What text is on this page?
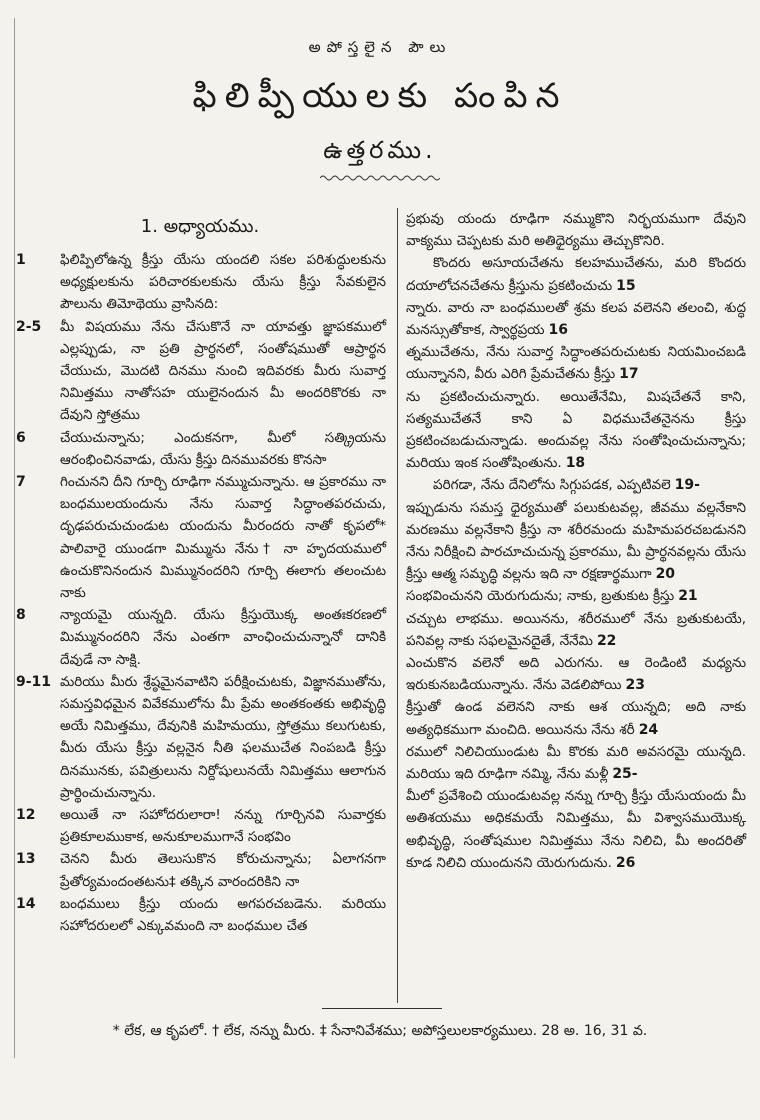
అపోస్తలైన పౌలు
ఫిలిప్పీయులకు పంపిన
ఉత్తరము.
1. అధ్యాయము.
1	ఫిలిప్పిలోఉన్న క్రీస్తు యేసు యందలి సకల పరిశుద్ధులకును అధ్యక్షులకును పరిచారకులకును యేసు క్రీస్తు సేవకులైన పౌలును తిమోథెయు వ్రాసినది:
2-5	మీ విషయము నేను చేసుకొనే నా యావత్తు జ్ఞాపకములో ఎల్లప్పుడు, నా ప్రతి ప్రార్థనలో, సంతోషముతో ఆప్రార్థన చేయుచు, మొదటి దినము నుంచి ఇదివరకు మీరు సువార్త నిమిత్తము నాతోసహ యులైనందున మీ అందరికొరకు నా దేవుని స్తోత్రము
6	చేయుచున్నాను; ఎందుకనగా, మీలో సత్క్రియను ఆరంభించినవాడు, యేసు క్రీస్తు దినమువరకు కొనసా
7	గించునని దీని గూర్చి రూఢిగా నమ్ముచున్నాను. ఆ ప్రకారము నా బంధములయందును నేను సువార్త సిద్ధాంతపరచుచు, దృఢపరుచుచుండుట యందును మీరందరు నాతో కృపలో* పాలివారై యుండగా మిమ్మును నేను† నా హృదయములో ఉంచుకొనినందున మిమ్మునందరిని గూర్చి ఈలాగు తలంచుట నాకు
8	న్యాయమై యున్నది. యేసు క్రీస్తుయొక్క అంతఃకరణలో మిమ్మునందరిని నేను ఎంతగా వాంఛించుచున్నానో దానికి దేవుడే నా సాక్షి.
9-11 మరియు మీరు శ్రేష్ఠమైనవాటిని పరీక్షించుటకు, విజ్ఞానముతోను, సమస్తవిధమైన వివేకములోను మీ ప్రేమ అంతకంతకు అభివృద్ధి అయే నిమిత్తము, దేవునికి మహిమయు, స్తోత్రము కలుగుటకు, మీరు యేసు క్రీస్తు వల్లనైన నీతి ఫలముచేత నింపబడి క్రీస్తు దినమునకు, పవిత్రులును నిర్దోషులునయే నిమిత్తము ఆలాగున ప్రార్థించుచున్నాను.
12	అయితే నా సహోదరులారా! నన్ను గూర్చినవి సువార్తకు ప్రతికూలముకాక, అనుకూలముగానే సంభవిం
13	చెనని మీరు తెలుసుకొన కోరుచున్నాను; ఏలాగనగా ప్రేతోర్యమందంతటను‡ తక్కిన వారందరికిని నా
14	బంధములు క్రీస్తు యందు అగపరచబడెను. మరియు సహోదరులలో ఎక్కువమంది నా బంధముల చేత
ప్రభువు యందు రూఢిగా నమ్ముకొని నిర్భయముగా దేవుని వాక్యము చెప్పటకు మరి అతిధైర్యము తెచ్చుకొనిరి.
కొందరు అసూయచేతను కలహముచేతను, మరి కొందరు దయాలోచనచేతను క్రీస్తును ప్రకటించుచు 15
న్నారు. వారు నా బంధములతో శ్రమ కలప వలెనని తలంచి, శుద్ధ మనస్సుతోకాక, స్వార్థప్రయ 16
త్నముచేతను, నేను సువార్త సిద్ధాంతపరుచుటకు నియమించబడి యున్నానని, వీరు ఎరిగి ప్రేమచేతను క్రీస్తు 17
ను ప్రకటించుచున్నారు. అయితేనేమి, మిషచేతనే కాని, సత్యముచేతనే కాని ఏ విధముచేతనైనను క్రీస్తు ప్రకటించబడుచున్నాడు. అందువల్ల నేను సంతోషించుచున్నాను; మరియు ఇంక సంతోషింతును. 18
పరిగడా, నేను దేనిలోను సిగ్గుపడక, ఎప్పటివలె 19-
ఇప్పుడును సమస్త ధైర్యముతో పలుకుటవల్ల, జీవము వల్లనేకాని మరణము వల్లనేకాని క్రీస్తు నా శరీరమందు మహిమపరచబడునని నేను నిరీక్షించి పారచూచుచున్న ప్రకారము, మీ ప్రార్థనవల్లను యేసు క్రీస్తు ఆత్మ సమృద్ధి వల్లను ఇది నా రక్షణార్థముగా 20
సంభవించునని యెరుగుదును; నాకు, బ్రతుకుట క్రీస్తు 21
చచ్చుట లాభము. అయినను, శరీరములో నేను బ్రతుకుటయే, పనివల్ల నాకు సఫలమైనదైతే, నేనేమి 22
ఎంచుకొన వలెనో అది ఎరుగను. ఆ రెండింటి మధ్యను ఇరుకునబడియున్నాను. నేను వెడలిపోయి 23
క్రీస్తుతో ఉండ వలెనని నాకు ఆశ యున్నది; అది నాకు అత్యధికముగా మంచిది. అయినను నేను శరీ 24
రములో నిలిచియుండుట మీ కొరకు మరి అవసరమై యున్నది. మరియు ఇది రూఢిగా నమ్మి, నేను మళ్లీ 25-
మీలో ప్రవేశించి యుండుటవల్ల నన్ను గూర్చి క్రీస్తు యేసుయందు మీ అతిశయము అధికమయే నిమిత్తము, మీ విశ్వాసముయొక్క అభివృద్ధి, సంతోషముల నిమిత్తము నేను నిలిచి, మీ అందరితో కూడ నిలిచి యుందునని యెరుగుదును. 26
* లేక, ఆ కృపలో. † లేక, నన్ను మీరు. ‡ సేనానివేశము; అపోస్తలులకార్యములు. 28 అ. 16, 31 వ.
